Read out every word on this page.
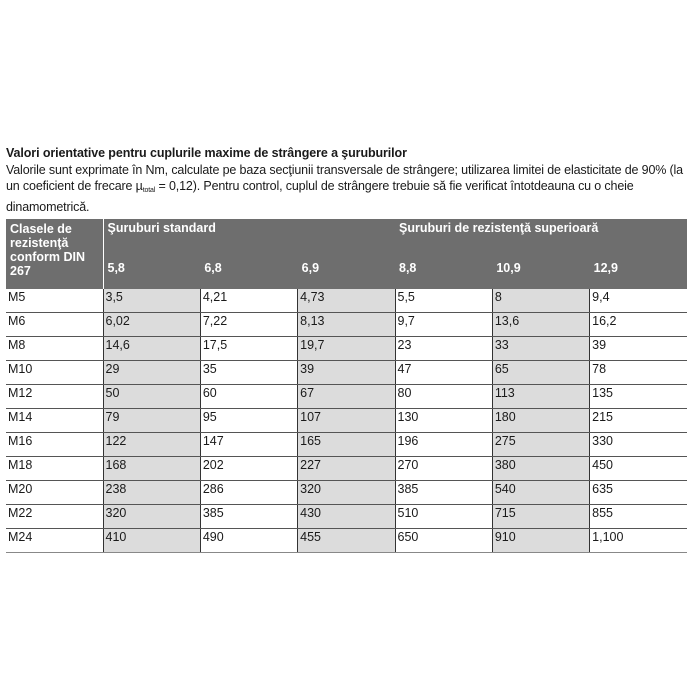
Valori orientative pentru cuplurile maxime de strângere a şuruburilor

Valorile sunt exprimate în Nm, calculate pe baza secţiunii transversale de strângere; utilizarea limitei de elasticitate de 90% (la un coeficient de frecare µ$_{total}$ = 0,12). Pentru control, cuplul de strângere trebuie să fie verificat întotdeauna cu o cheie dinamometrică.

Clasele de rezistenţă conform DIN 267	Şuruburi standard			Şuruburi de rezistenţă superioară		
	5,8	6,8	6,9	8,8	10,9	12,9
M5	3,5	4,21	4,73	5,5	8	9,4
M6	6,02	7,22	8,13	9,7	13,6	16,2
M8	14,6	17,5	19,7	23	33	39
M10	29	35	39	47	65	78
M12	50	60	67	80	113	135
M14	79	95	107	130	180	215
M16	122	147	165	196	275	330
M18	168	202	227	270	380	450
M20	238	286	320	385	540	635
M22	320	385	430	510	715	855
M24	410	490	455	650	910	1,100
